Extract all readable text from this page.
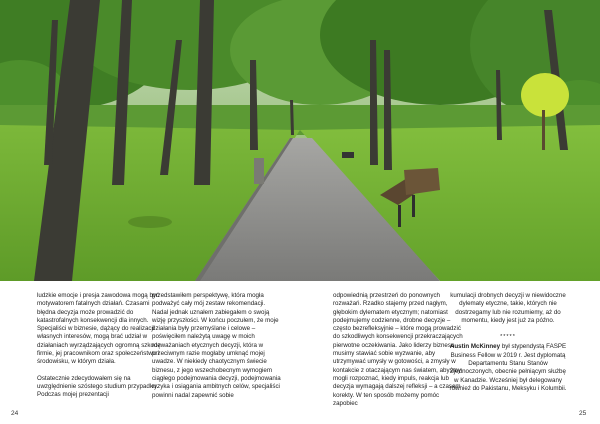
ludzkie emocje i presja zawodowa mogą być motywatorem fatalnych działań. Czasami błędna decyzja może prowadzić do katastrofalnych konsekwencji dla innych. Specjaliści w biznesie, dążący do realizacji własnych interesów, mogą brać udział w działaniach wyrządzających ogromną szkodę firmie, jej pracownikom oraz społeczeństwu i środowisku, w którym działa.

Ostatecznie zdecydowałem się na uwzględnienie szóstego studium przypadku. Podczas mojej prezentacji

przedstawiłem perspektywę, która mogła podważyć cały mój zestaw rekomendacji. Nadal jednak uznałem zabiegałem o swoją wizję przyszłości. W końcu poczułem, że moje działania były przemyślane i celowe – poświęciłem należytą uwagę w moich rozważaniach etycznych decyzji, która w przeciwnym razie mogłaby umknąć mojej uwadze. W niekiedy chaotycznym świecie biznesu, z jego wszechobecnym wymogiem ciągłego podejmowania decyzji, podejmowania ryzyka i osiągania ambitnych celów, specjaliści powinni nadal zapewnić sobie

odpowiednią przestrzeń do ponownych rozważań. Rzadko stajemy przed nagłym, głębokim dylematem etycznym; natomiast podejmujemy codzienne, drobne decyzje – często bezrefleksyjnie – które mogą prowadzić do szkodliwych konsekwencji przekraczających pierwotne oczekiwania. Jako liderzy biznesu musimy stawiać sobie wyzwanie, aby utrzymywać umysły w gotowości, a zmysły w kontakcie z otaczającym nas światem, abyśmy mogli rozpoznać, kiedy impuls, reakcja lub decyzja wymagają dalszej refleksji – a czasem korekty. W ten sposób możemy pomóc zapobiec

kumulacji drobnych decyzji w niewidoczne dylematy etyczne, takie, których nie dostrzegamy lub nie rozumiemy, aż do momentu, kiedy jest już za późno.

*****

Austin McKinney był stypendystą FASPE Business Fellow w 2019 r. Jest dyplomatą Departamentu Stanu Stanów Zjednoczonych, obecnie pełniącym służbę w Kanadzie. Wcześniej był delegowany również do Pakistanu, Meksyku i Kolumbii.

24	25
